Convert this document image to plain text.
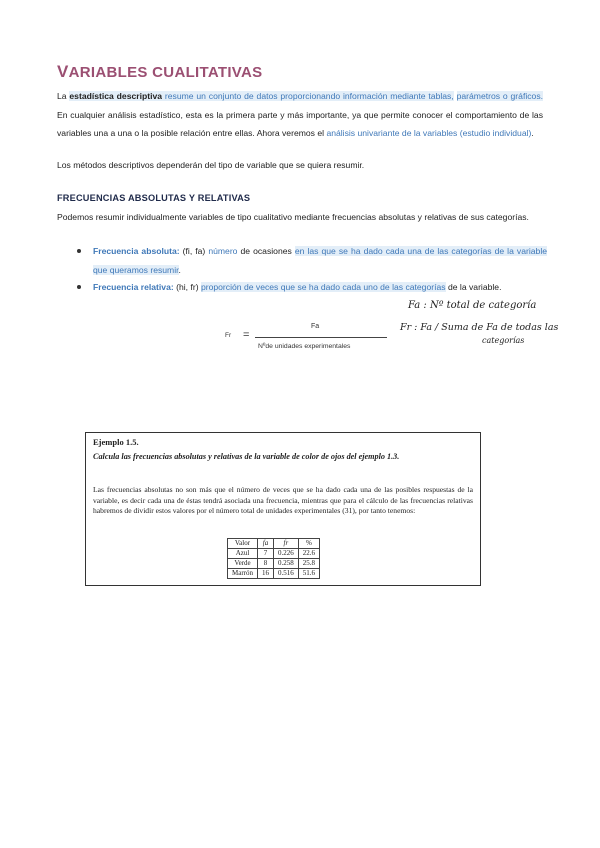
VARIABLES CUALITATIVAS
La estadística descriptiva resume un conjunto de datos proporcionando información mediante tablas, parámetros o gráficos. En cualquier análisis estadístico, esta es la primera parte y más importante, ya que permite conocer el comportamiento de las variables una a una o la posible relación entre ellas. Ahora veremos el análisis univariante de la variables (estudio individual).
Los métodos descriptivos dependerán del tipo de variable que se quiera resumir.
FRECUENCIAS ABSOLUTAS Y RELATIVAS
Podemos resumir individualmente variables de tipo cualitativo mediante frecuencias absolutas y relativas de sus categorías.
Frecuencia absoluta: (fi, fa) número de ocasiones en las que se ha dado cada una de las categorías de la variable que queramos resumir.
Frecuencia relativa: (hi, fr) proporción de veces que se ha dado cada uno de las categorías de la variable.
Fr =
Fa
Nºde unidades experimentales
Fa : Nº total de categoría
Fr : Fa / Suma de Fa de todas las
categorías
Ejemplo 1.5.
Calcula las frecuencias absolutas y relativas de la variable de color de ojos del ejemplo 1.3.
Las frecuencias absolutas no son más que el número de veces que se ha dado cada una de las posibles respuestas de la variable, es decir cada una de éstas tendrá asociada una frecuencia, mientras que para el cálculo de las frecuencias relativas habremos de dividir estos valores por el número total de unidades experimentales (31), por tanto tenemos:
Valor	fa	fr	%
Azul	7	0.226	22.6
Verde	8	0.258	25.8
Marrón	16	0.516	51.6
